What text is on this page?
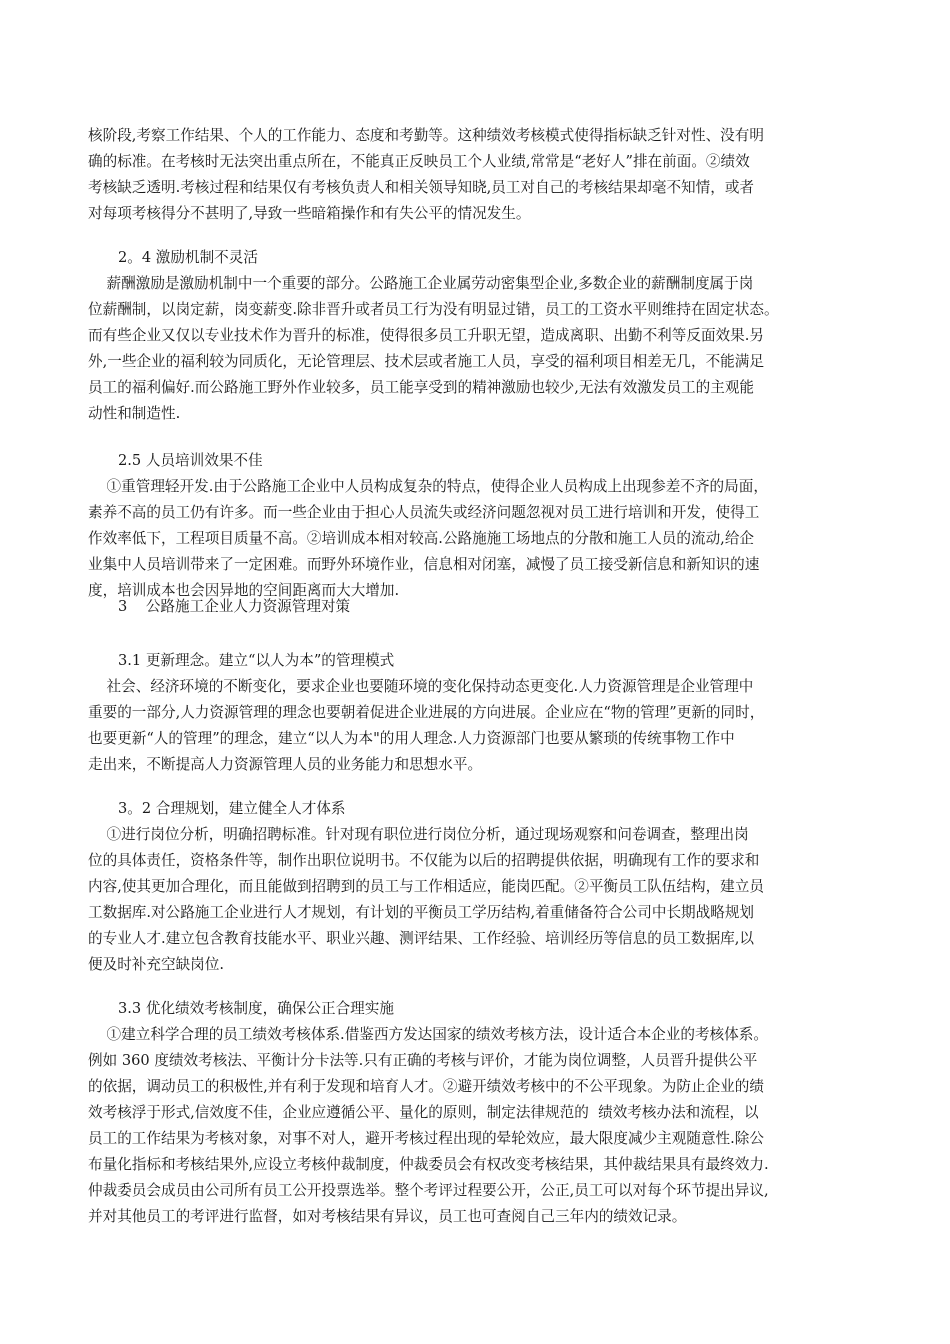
核阶段,考察工作结果、个人的工作能力、态度和考勤等。这种绩效考核模式使得指标缺乏针对性、没有明
确的标准。在考核时无法突出重点所在，不能真正反映员工个人业绩,常常是“老好人”排在前面。②绩效
考核缺乏透明.考核过程和结果仅有考核负责人和相关领导知晓,员工对自己的考核结果却毫不知情，或者
对每项考核得分不甚明了,导致一些暗箱操作和有失公平的情况发生。
2。4 激励机制不灵活
薪酬激励是激励机制中一个重要的部分。公路施工企业属劳动密集型企业,多数企业的薪酬制度属于岗
位薪酬制，以岗定薪，岗变薪变.除非晋升或者员工行为没有明显过错，员工的工资水平则维持在固定状态。
而有些企业又仅以专业技术作为晋升的标准，使得很多员工升职无望，造成离职、出勤不利等反面效果.另
外,一些企业的福利较为同质化，无论管理层、技术层或者施工人员，享受的福利项目相差无几，不能满足
员工的福利偏好.而公路施工野外作业较多，员工能享受到的精神激励也较少,无法有效激发员工的主观能
动性和制造性.
2.5 人员培训效果不佳
①重管理轻开发.由于公路施工企业中人员构成复杂的特点，使得企业人员构成上出现参差不齐的局面，
素养不高的员工仍有许多。而一些企业由于担心人员流失或经济问题忽视对员工进行培训和开发，使得工
作效率低下，工程项目质量不高。②培训成本相对较高.公路施施工场地点的分散和施工人员的流动,给企
业集中人员培训带来了一定困难。而野外环境作业，信息相对闭塞，减慢了员工接受新信息和新知识的速
度，培训成本也会因异地的空间距离而大大增加.
3    公路施工企业人力资源管理对策
3.1 更新理念。建立“以人为本”的管理模式
社会、经济环境的不断变化，要求企业也要随环境的变化保持动态更变化.人力资源管理是企业管理中
重要的一部分,人力资源管理的理念也要朝着促进企业进展的方向进展。企业应在“物的管理”更新的同时，
也要更新“人的管理”的理念，建立“以人为本"的用人理念.人力资源部门也要从繁琐的传统事物工作中
走出来，不断提高人力资源管理人员的业务能力和思想水平。
3。2 合理规划，建立健全人才体系
①进行岗位分析，明确招聘标准。针对现有职位进行岗位分析，通过现场观察和问卷调查，整理出岗
位的具体责任，资格条件等，制作出职位说明书。不仅能为以后的招聘提供依据，明确现有工作的要求和
内容,使其更加合理化，而且能做到招聘到的员工与工作相适应，能岗匹配。②平衡员工队伍结构，建立员
工数据库.对公路施工企业进行人才规划，有计划的平衡员工学历结构,着重储备符合公司中长期战略规划
的专业人才.建立包含教育技能水平、职业兴趣、测评结果、工作经验、培训经历等信息的员工数据库,以
便及时补充空缺岗位.
3.3 优化绩效考核制度，确保公正合理实施
①建立科学合理的员工绩效考核体系.借鉴西方发达国家的绩效考核方法，设计适合本企业的考核体系。
例如 360 度绩效考核法、平衡计分卡法等.只有正确的考核与评价，才能为岗位调整，人员晋升提供公平
的依据，调动员工的积极性,并有利于发现和培育人才。②避开绩效考核中的不公平现象。为防止企业的绩
效考核浮于形式,信效度不佳，企业应遵循公平、量化的原则，制定法律规范的  绩效考核办法和流程，以
员工的工作结果为考核对象，对事不对人，避开考核过程出现的晕轮效应，最大限度减少主观随意性.除公
布量化指标和考核结果外,应设立考核仲裁制度，仲裁委员会有权改变考核结果，其仲裁结果具有最终效力.
仲裁委员会成员由公司所有员工公开投票选举。整个考评过程要公开，公正,员工可以对每个环节提出异议,
并对其他员工的考评进行监督，如对考核结果有异议，员工也可查阅自己三年内的绩效记录。
